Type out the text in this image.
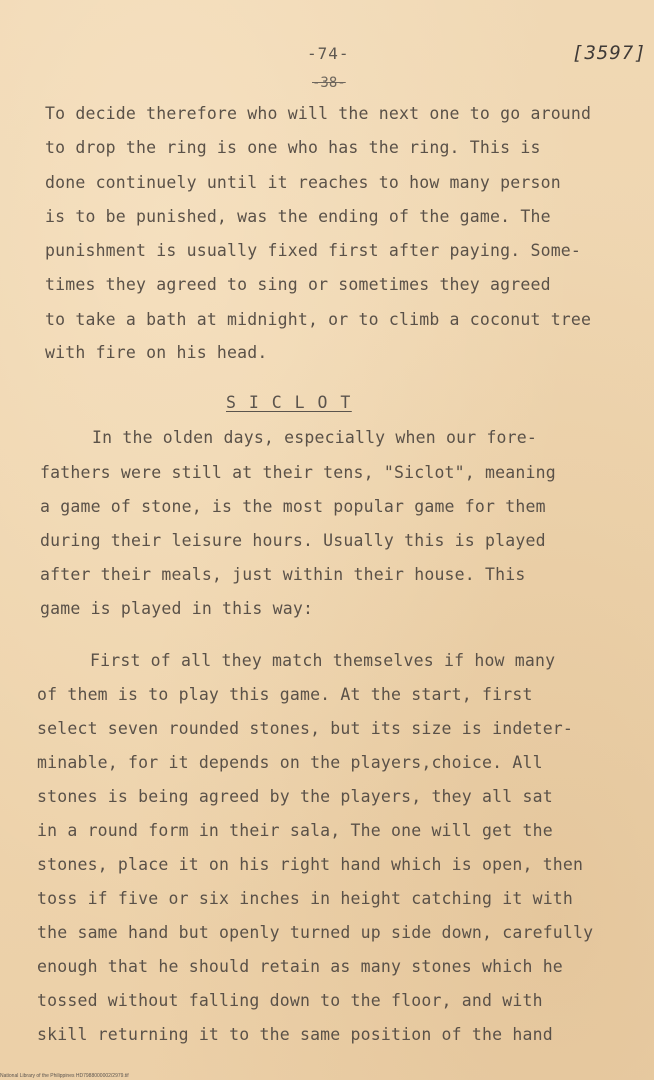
-74-
-38-
[3597]
To decide therefore who will the next one to go around
to drop the ring is one who has the ring. This is
done continuely until it reaches to how many person
is to be punished, was the ending of the game. The
punishment is usually fixed first after paying. Some-
times they agreed to sing or sometimes they agreed
to take a bath at midnight, or to climb a coconut tree
with fire on his head.
S I C L O T
In the olden days, especially when our fore-
fathers were still at their tens, "Siclot", meaning
a game of stone, is the most popular game for them
during their leisure hours. Usually this is played
after their meals, just within their house. This
game is played in this way:
First of all they match themselves if how many
of them is to play this game. At the start, first
select seven rounded stones, but its size is indeter-
minable, for it depends on the players,choice. All
stones is being agreed by the players, they all sat
in a round form in their sala, The one will get the
stones, place it on his right hand which is open, then
toss if five or six inches in height catching it with
the same hand but openly turned up side down, carefully
enough that he should retain as many stones which he
tossed without falling down to the floor, and with
skill returning it to the same position of the hand
National Library of the Philippines HD7988000002/2979.tif
